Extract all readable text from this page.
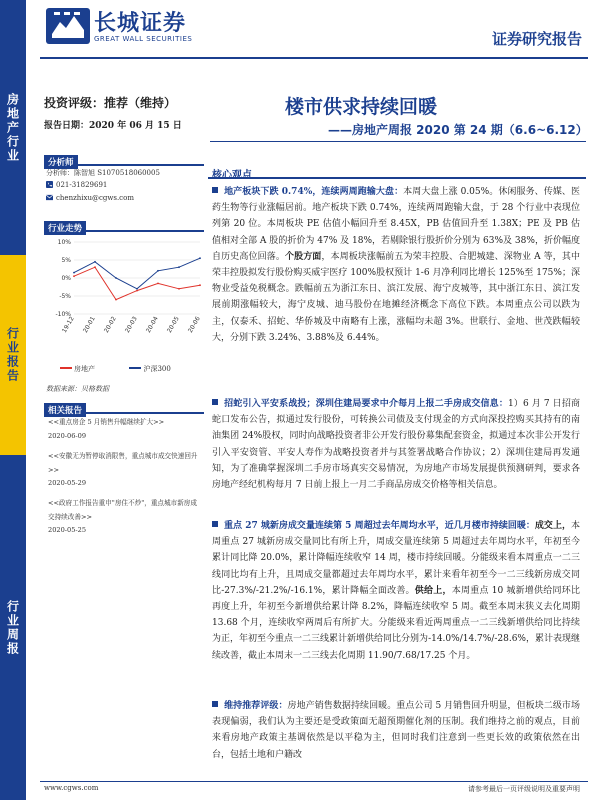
房地产行业
行业报告
行业周报
长城证券
GREAT WALL SECURITIES	证券研究报告
投资评级：推荐（维持）
报告日期：2020 年 06 月 15 日
楼市供求持续回暖
——房地产周报 2020 第 24 期（6.6~6.12）
分析师
分析师：陈智旭 S1070518060005
021-31829691
chenzhixu@cgws.com
行业走势
10%
5%
0%
-5%
-10%
19-12 20-01 20-02 20-03 20-04 20-05 20-06
房地产	沪深300
数据来源：贝格数据
相关报告
<<重点房企 5 月销售升幅继续扩大>>
2020-06-09
<<安徽无为暂停取消限售，重点城市成交快速回升>>
2020-05-29
<<政府工作报告重申"房住不炒"，重点城市新房成交持续改善>>
2020-05-25
核心观点
地产板块下跌 0.74%，连续两周跑输大盘：本周大盘上涨 0.05%。休闲服务、传媒、医药生物等行业涨幅居前。地产板块下跌 0.74%，连续两周跑输大盘，于 28 个行业中表现位列第 20 位。本周板块 PE 估值小幅回升至 8.45X，PB 估值回升至 1.38X；PE 及 PB 估值相对全部 A 股的折价为 47% 及 18%，若剔除银行股折价分别为 63%及 38%，折价幅度自历史高位回落。个股方面，本周板块涨幅前五为荣丰控股、合肥城建、深物业 A 等，其中荣丰控股拟发行股份购买威宇医疗 100%股权预计 1-6 月净利同比增长 125%至 175%；深物业受益免税概念。跌幅前五为浙江东日、滨江发展、海宁皮城等，其中浙江东日、滨江发展前期涨幅较大，海宁皮城、迪马股份在地摊经济概念下高位下跌。本周重点公司以跌为主，仅泰禾、招蛇、华侨城及中南略有上涨，涨幅均未超 3%。世联行、金地、世茂跌幅较大，分别下跌 3.24%、3.88%及 6.44%。
招蛇引入平安系战投；深圳住建局要求中介每月上报二手房成交信息：1）6 月 7 日招商蛇口发布公告，拟通过发行股份，可转换公司债及支付现金的方式向深投控购买其持有的南油集团 24%股权，同时向战略投资者非公开发行股份募集配套资金，拟通过本次非公开发行引入平安资管、平安人寿作为战略投资者并与其签署战略合作协议；2）深圳住建局再发通知，为了准确掌握深圳二手房市场真实交易情况，为房地产市场发展提供预测研判，要求各房地产经纪机构每月 7 日前上报上一月二手商品房成交价格等相关信息。
重点 27 城新房成交量连续第 5 周超过去年周均水平，近几月楼市持续回暖：成交上，本周重点 27 城新房成交量同比有所上升，周成交量连续第 5 周超过去年周均水平，年初至今累计同比降 20.0%，累计降幅连续收窄 14 周，楼市持续回暖。分能级来看本周重点一二三线同比均有上升，且周成交量都超过去年周均水平，累计来看年初至今一二三线新房成交同比-27.3%/-21.2%/-16.1%，累计降幅全面改善。供给上，本周重点 10 城新增供给同环比再度上升，年初至今新增供给累计降 8.2%，降幅连续收窄 5 周。截至本周末狭义去化周期 13.68 个月，连续收窄两周后有所扩大。分能级来看近两周重点一二三线新增供给同比持续为正，年初至今重点一二三线累计新增供给同比分别为-14.0%/14.7%/-28.6%，累计表现继续改善，截止本周末一二三线去化周期 11.90/7.68/17.25 个月。
维持推荐评级：房地产销售数据持续回暖。重点公司 5 月销售回升明显，但板块二级市场表现偏弱，我们认为主要还是受政策面无超预期催化剂的压制。我们维持之前的观点，目前来看房地产政策主基调依然是以平稳为主，但同时我们注意到一些更长效的政策依然在出台，包括土地和户籍改
www.cgws.com	请参考最后一页评级说明及重要声明
